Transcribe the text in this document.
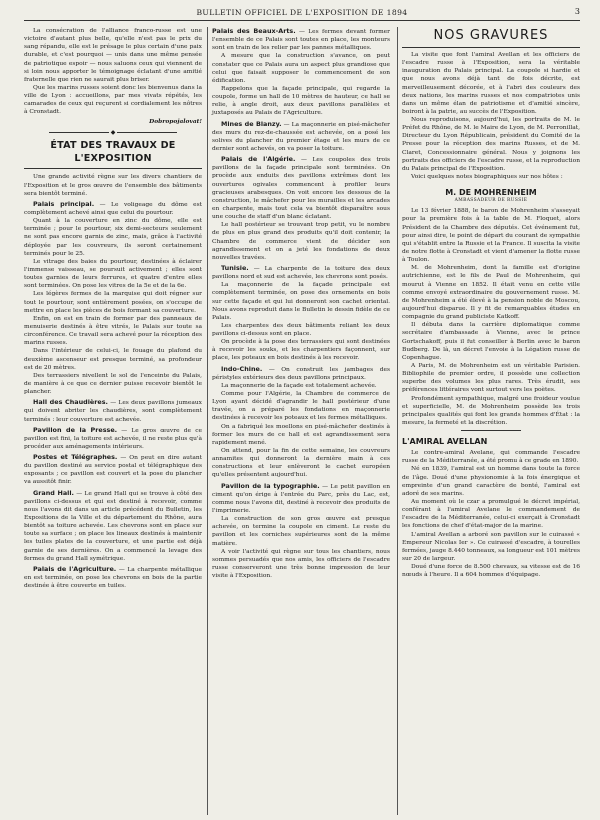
BULLETIN OFFICIEL DE L'EXPOSITION DE 1894	3

La consécration de l'alliance franco-russe est une victoire d'autant plus belle, qu'elle n'est pas le prix du sang répandu, elle est le présage le plus certain d'une paix durable, et c'est pourquoi — unis dans une même pensée de patriotique espoir — nous saluons ceux qui viennent de si loin nous apporter le témoignage éclatant d'une amitié fraternelle que rien ne saurait plus briser.

Que les marins russes soient donc les bienvenus dans la ville de Lyon : accueillons, par mes vivats répétés, les camarades de ceux qui reçurent si cordialement les nôtres à Cronstadt.

Dobropojalovat!

◆
ÉTAT DES TRAVAUX DE L'EXPOSITION

Une grande activité règne sur les divers chantiers de l'Exposition et le gros œuvre de l'ensemble des bâtiments sera bientôt terminé.

Palais principal. — Le voligeage du dôme est complètement achevé ainsi que celui du pourtour.

Quant à la couverture en zinc du dôme, elle est terminée ; pour le pourtour, six demi-secteurs seulement ne sont pas encore garnis de zinc, mais, grâce à l'activité déployée par les couvreurs, ils seront certainement terminés pour le 25.

Le vitrage des baies du pourtour, destinées à éclairer l'immense vaisseau, se poursuit activement ; elles sont toutes garnies de leurs ferrures, et quatre d'entre elles sont terminées. On pose les vitres de la 5e et de la 6e.

Les légères fermes de la marquise qui doit régner sur tout le pourtour, sont entièrement posées, on s'occupe de mettre en place les pièces de bois formant sa couverture.

Enfin, on est en train de former par des panneaux de menuiserie destinés à être vitrés, le Palais sur toute sa circonférence. Ce travail sera achevé pour la réception des marins russes.

Dans l'intérieur de celui-ci, le fouage du plafond du deuxième ascenseur est presque terminé, sa profondeur est de 20 mètres.

Des terrassiers nivellent le sol de l'enceinte du Palais, de manière à ce que ce dernier puisse recevoir bientôt le plancher.

Hall des Chaudières. — Les deux pavillons jumeaux qui doivent abriter les chaudières, sont complètement terminés : leur couverture est achevée.

Pavillon de la Presse. — Le gros œuvre de ce pavillon est fini, la toiture est achevée, il ne reste plus qu'à procéder aux aménagements intérieurs.

Postes et Télégraphes. — On peut en dire autant du pavillon destiné au service postal et télégraphique des exposants ; ce pavillon est couvert et la pose du plancher va aussitôt finir.

Grand Hall. — Le grand Hall qui se trouve à côté des pavillons ci-dessus et qui est destiné à recevoir, comme nous l'avons dit dans un article précédent du Bulletin, les Expositions de la Ville et du département du Rhône, aura bientôt sa toiture achevée. Les chevrons sont en place sur toute sa surface ; on place les lineaux destinés à maintenir les tuiles plates de la couverture, et une partie est déjà garnie de ses dernières. On a commencé la levage des fermes du grand Hall symétrique.

Palais de l'Agriculture. — La charpente métallique en est terminée, on pose les chevrons en bois de la partie destinée à être couverte en tuiles.

Palais des Beaux-Arts. — Les fermes devant former l'ensemble de ce Palais sont toutes en place, les monteurs sont en train de les relier par les pannes métalliques.

A mesure que la construction s'avance, on peut constater que ce Palais aura un aspect plus grandiose que celui que faisait supposer le commencement de son édification.

Rappelons que la façade principale, qui regarde la coupole, forme un hall de 10 mètres de hauteur, ce hall se relie, à angle droit, aux deux pavillons parallèles et juxtaposés au Palais de l'Agriculture.

Mines de Blanzy. — La maçonnerie en pisé-mâchefer des murs du rez-de-chaussée est achevée, on a posé les solives du plancher du premier étage et les murs de ce dernier sont achevés, on va poser la toiture.

Palais de l'Algérie. — Les coupoles des trois pavillons de la façade principale sont terminées. On procède aux enduits des pavillons extrêmes dont les ouvertures ogivales commencent à profiler leurs gracieuses arabesques. On voit encore les dessous de la construction, le mâchefer pour les murailles et les arcades en charpente, mais tout cela va bientôt disparaître sous une couche de staff d'un blanc éclatant.

Le hall postérieur se trouvant trop petit, vu le nombre de plus en plus grand des produits qu'il doit contenir, la Chambre de commerce vient de décider son agrandissement et on a jeté les fondations de deux nouvelles travées.

Tunisie. — La charpente de la toiture des deux pavillons nord et sud est achevée, les chevrons sont posés.

La maçonnerie de la façade principale est complètement terminée, on pose des ornements en bois sur cette façade et qui lui donneront son cachet oriental. Nous avons reproduit dans le Bulletin le dessin fidèle de ce Palais.

Les charpentes des deux bâtiments reliant les deux pavillons ci-dessus sont en place.

On procède à la pose des terrassiers qui sont destinées à recevoir les souks, et les charpentiers façonnent, sur place, les poteaux en bois destinés à les recevoir.

Indo-Chine. — On construit les jambages des péristyles extérieurs des deux pavillons principaux.

La maçonnerie de la façade est totalement achevée.

Comme pour l'Algérie, la Chambre de commerce de Lyon ayant décidé d'agrandir le hall postérieur d'une travée, on a préparé les fondations en maçonnerie destinées à recevoir les poteaux et les fermes métalliques.

On a fabriqué les moellons en pisé-mâchefer destinés à former les murs de ce hall et est agrandissement sera rapidement mené.

On attend, pour la fin de cette semaine, les couvreurs annamites qui donneront la dernière main à ces constructions et leur enlèveront le cachet européen qu'elles présentent aujourd'hui.

Pavillon de la typographie. — Le petit pavillon en ciment qu'on érige à l'entrée du Parc, près du Lac, est, comme nous l'avons dit, destiné à recevoir des produits de l'imprimerie.

La construction de son gros œuvre est presque achevée, on termine la coupole en ciment. Le reste du pavillon et les corniches supérieures sont de la même matière.

A voir l'activité qui règne sur tous les chantiers, nous sommes persuadés que nos amis, les officiers de l'escadre russe conserveront une très bonne impression de leur visite à l'Exposition.

NOS GRAVURES

La visite que font l'amiral Avellan et les officiers de l'escadre russe à l'Exposition, sera la véritable inauguration du Palais principal. La coupole si hardie et que nous avons déjà tant de fois décrite, est merveilleusement décorée, et à l'abri des couleurs des deux nations, les marins russes et nos compatriotes unis dans un même élan de patriotisme et d'amitié sincère, boiront à la patrie, au succès de l'Exposition.

Nous reproduisons, aujourd'hui, les portraits de M. le Préfet du Rhône, de M. le Maire de Lyon, de M. Perronillat, Directeur du Lyon Républicain, président du Comité de la Presse pour la réception des marins Russes, et de M. Claret, Concessionnaire général. Nous y joignons les portraits des officiers de l'escadre russe, et la reproduction du Palais principal de l'Exposition.

Voici quelques notes biographiques sur nos hôtes :

M. DE MOHRENHEIM
AMBASSADEUR DE RUSSIE

Le 13 février 1888, le baron de Mohrenheim s'asseyait pour la première fois à la table de M. Floquet, alors Président de la Chambre des députés. Cet événement fut, pour ainsi dire, le point de départ du courant de sympathie qui s'établit entre la Russie et la France. Il suscita la visite de notre flotte à Cronstadt et vient d'amener la flotte russe à Toulon.

M. de Mohrenheim, dont la famille est d'origine autrichienne, est le fils de Paul de Mohrenheim, qui mourut à Vienne en 1852. Il était venu en cette ville comme envoyé extraordinaire du gouvernement russe. M. de Mohrenheim a été élevé à la pension noble de Moscou, aujourd'hui disparue. Il y fit de remarquables études en compagnie du grand publiciste Katkoff.

Il débuta dans la carrière diplomatique comme secrétaire d'ambassade à Vienne, avec le prince Gortschakoff, puis il fut conseiller à Berlin avec le baron Budberg. De là, un décret l'envoie à la Légation russe de Copenhague.

A Paris, M. de Mohrenheim est un véritable Parisien. Bibliophile de premier ordre, il possède une collection superbe des volumes les plus rares. Très érudit, ses préférences littéraires vont surtout vers les poètes.

Profondément sympathique, malgré une froideur voulue et superficielle, M. de Mohrenheim possède les trois principales qualités qui font les grands hommes d'État : la mesure, la fermeté et la discrétion.

L'AMIRAL AVELLAN

Le contre-amiral Avelane, qui commande l'escadre russe de la Méditerranée, a été promu à ce grade en 1890.

Né en 1839, l'amiral est un homme dans toute la force de l'âge. Doué d'une physionomie à la fois énergique et empreinte d'un grand caractère de bonté, l'amiral est adoré de ses marins.

Au moment où le czar a promulgué le décret impérial, conférant à l'amiral Avelane le commandement de l'escadre de la Méditerranée, celui-ci exerçait à Cronstadt les fonctions de chef d'état-major de la marine.

L'amiral Avellan a arboré son pavillon sur le cuirassé « Empereur Nicolas Ier ». Ce cuirassé d'escadre, à tourelles fermées, jauge 8.440 tonneaux, sa longueur est 101 mètres sur 20 de largeur.

Doué d'une force de 8.500 chevaux, sa vitesse est de 16 nœuds à l'heure. Il a 604 hommes d'équipage.
